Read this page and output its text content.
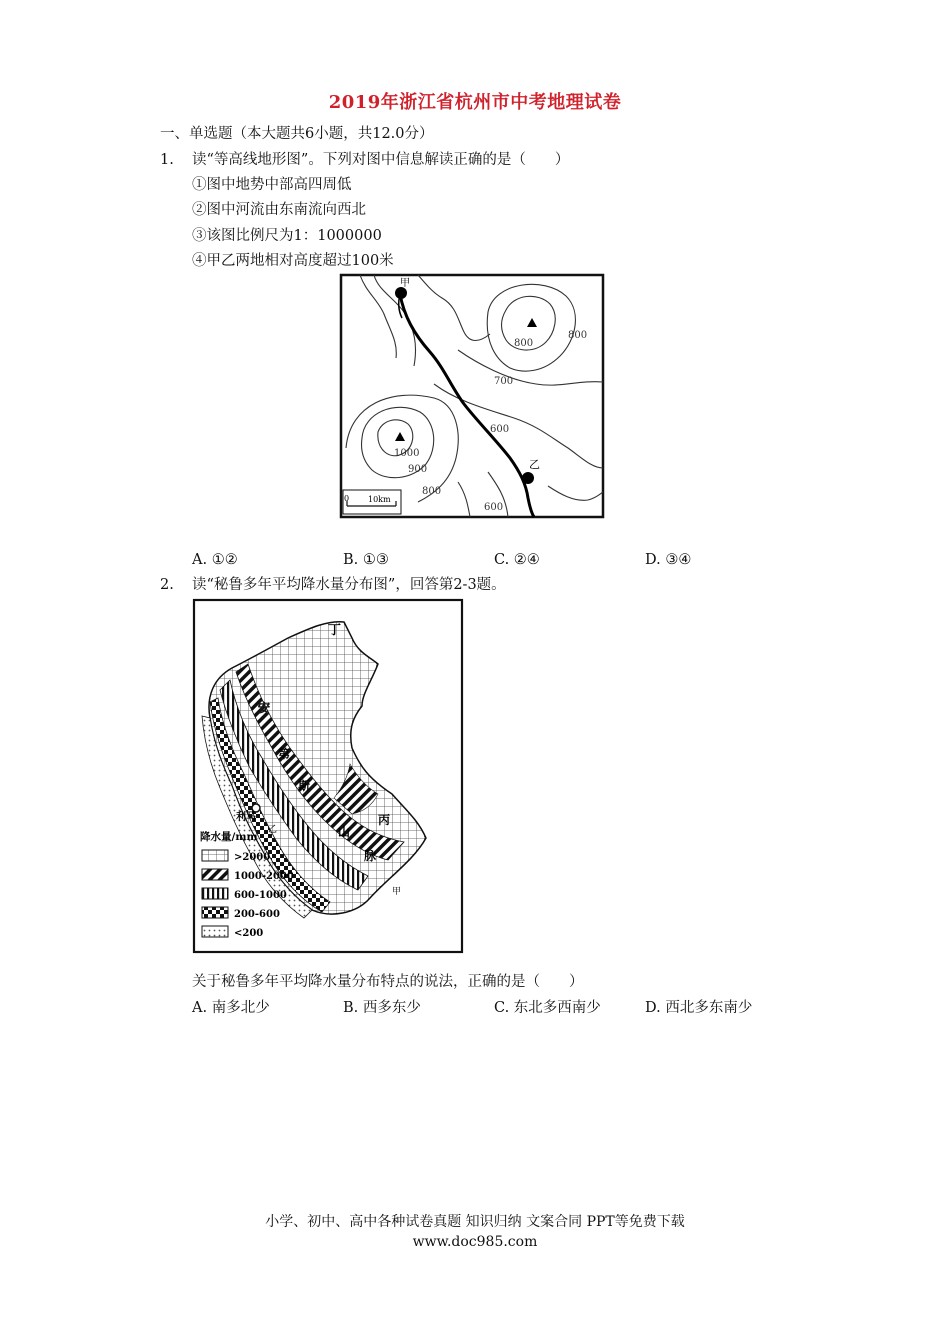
2019年浙江省杭州市中考地理试卷
一、单选题（本大题共6小题，共12.0分）
1. 读“等高线地形图”。下列对图中信息解读正确的是（　　）
①图中地势中部高四周低
②图中河流由东南流向西北
③该图比例尺为1：1000000
④甲乙两地相对高度超过100米
甲
乙
800
800
700
600
1000
900
800
600
0 10km
A. ①②	B. ①③	C. ②④	D. ③④
2. 读“秘鲁多年平均降水量分布图”，回答第2-3题。
丁
安
第
斯
山
脉
丙
乙
甲
利马
降水量/mm
>2000
1000-2000
600-1000
200-600
<200
关于秘鲁多年平均降水量分布特点的说法，正确的是（　　）
A. 南多北少	B. 西多东少	C. 东北多西南少	D. 西北多东南少
小学、初中、高中各种试卷真题 知识归纳 文案合同 PPT等免费下载
www.doc985.com
